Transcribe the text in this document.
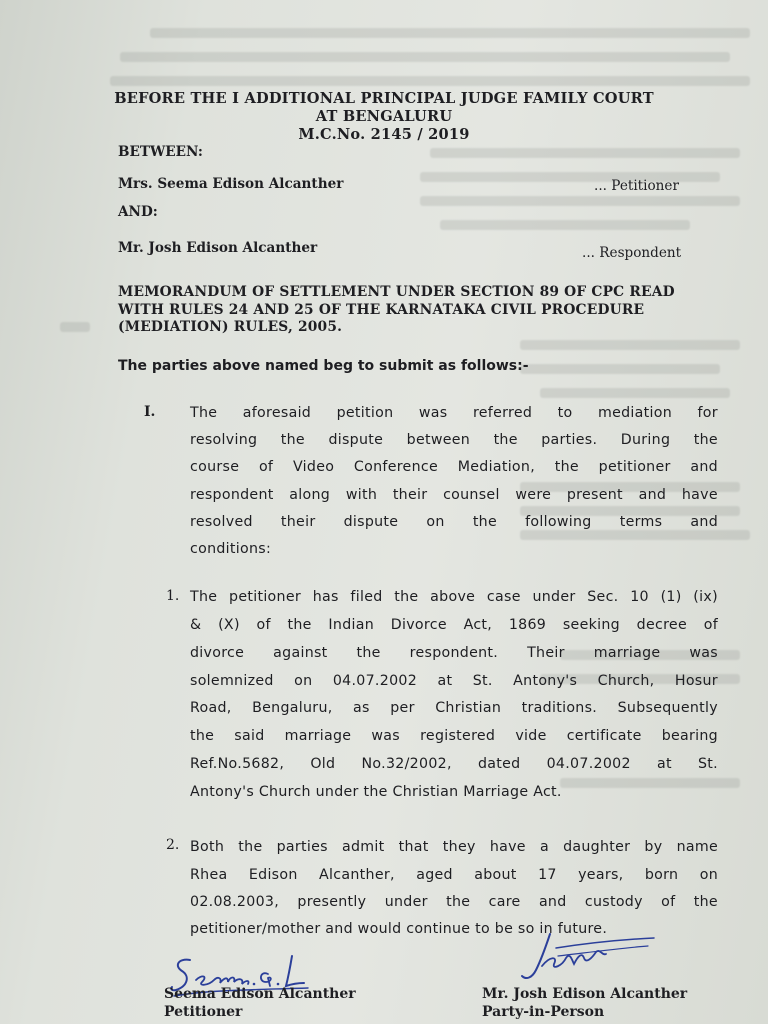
BEFORE THE I ADDITIONAL PRINCIPAL JUDGE FAMILY COURT
AT BENGALURU
M.C.No. 2145 / 2019
BETWEEN:
Mrs. Seema Edison Alcanther	... Petitioner
AND:
Mr. Josh Edison Alcanther	... Respondent
MEMORANDUM OF SETTLEMENT UNDER SECTION 89 OF CPC READ
WITH RULES 24 AND 25 OF THE KARNATAKA CIVIL PROCEDURE
(MEDIATION) RULES, 2005.
The parties above named beg to submit as follows:-
I. The aforesaid petition was referred to mediation for
resolving the dispute between the parties. During the
course of Video Conference Mediation, the petitioner and
respondent along with their counsel were present and have
resolved their dispute on the following terms and
conditions:
1. The petitioner has filed the above case under Sec. 10 (1) (ix)
& (X) of the Indian Divorce Act, 1869 seeking decree of
divorce against the respondent. Their marriage was
solemnized on 04.07.2002 at St. Antony's Church, Hosur
Road, Bengaluru, as per Christian traditions. Subsequently
the said marriage was registered vide certificate bearing
Ref.No.5682, Old No.32/2002, dated 04.07.2002 at St.
Antony's Church under the Christian Marriage Act.
2. Both the parties admit that they have a daughter by name
Rhea Edison Alcanther, aged about 17 years, born on
02.08.2003, presently under the care and custody of the
petitioner/mother and would continue to be so in future.
Seema Edison Alcanther
Petitioner
Mr. Josh Edison Alcanther
Party-in-Person
